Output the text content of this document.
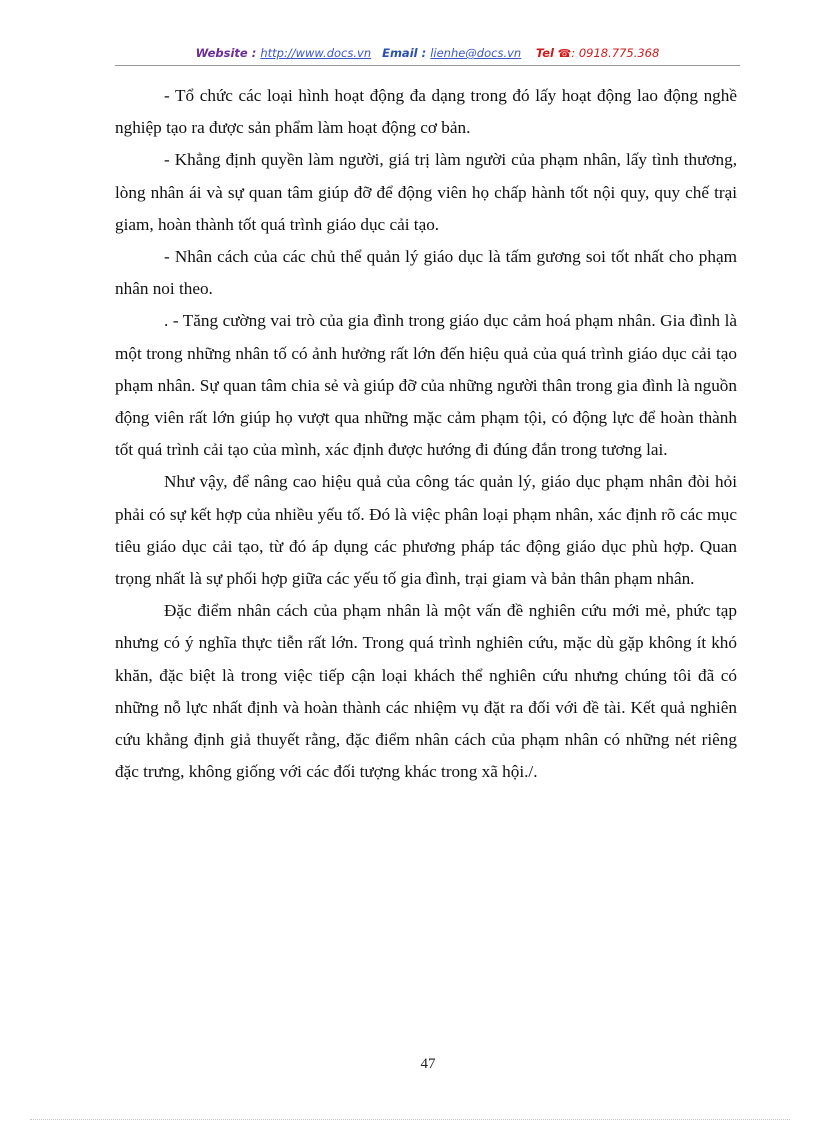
Website : http://www.docs.vn Email : lienhe@docs.vn Tel ☎: 0918.775.368

- Tổ chức các loại hình hoạt động đa dạng trong đó lấy hoạt động lao động nghề nghiệp tạo ra được sản phẩm làm hoạt động cơ bản.

- Khẳng định quyền làm người, giá trị làm người của phạm nhân, lấy tình thương, lòng nhân ái và sự quan tâm giúp đỡ để động viên họ chấp hành tốt nội quy, quy chế trại giam, hoàn thành tốt quá trình giáo dục cải tạo.

- Nhân cách của các chủ thể quản lý giáo dục là tấm gương soi tốt nhất cho phạm nhân noi theo.

. - Tăng cường vai trò của gia đình trong giáo dục cảm hoá phạm nhân. Gia đình là một trong những nhân tố có ảnh hưởng rất lớn đến hiệu quả của quá trình giáo dục cải tạo phạm nhân. Sự quan tâm chia sẻ và giúp đỡ của những người thân trong gia đình là nguồn động viên rất lớn giúp họ vượt qua những mặc cảm phạm tội, có động lực để hoàn thành tốt quá trình cải tạo của mình, xác định được hướng đi đúng đắn trong tương lai.

Như vậy, để nâng cao hiệu quả của công tác quản lý, giáo dục phạm nhân đòi hỏi phải có sự kết hợp của nhiều yếu tố. Đó là việc phân loại phạm nhân, xác định rõ các mục tiêu giáo dục cải tạo, từ đó áp dụng các phương pháp tác động giáo dục phù hợp. Quan trọng nhất là sự phối hợp giữa các yếu tố gia đình, trại giam và bản thân phạm nhân.

Đặc điểm nhân cách của phạm nhân là một vấn đề nghiên cứu mới mẻ, phức tạp nhưng có ý nghĩa thực tiễn rất lớn. Trong quá trình nghiên cứu, mặc dù gặp không ít khó khăn, đặc biệt là trong việc tiếp cận loại khách thể nghiên cứu nhưng chúng tôi đã có những nỗ lực nhất định và hoàn thành các nhiệm vụ đặt ra đối với đề tài. Kết quả nghiên cứu khẳng định giả thuyết rằng, đặc điểm nhân cách của phạm nhân có những nét riêng đặc trưng, không giống với các đối tượng khác trong xã hội./.

47
